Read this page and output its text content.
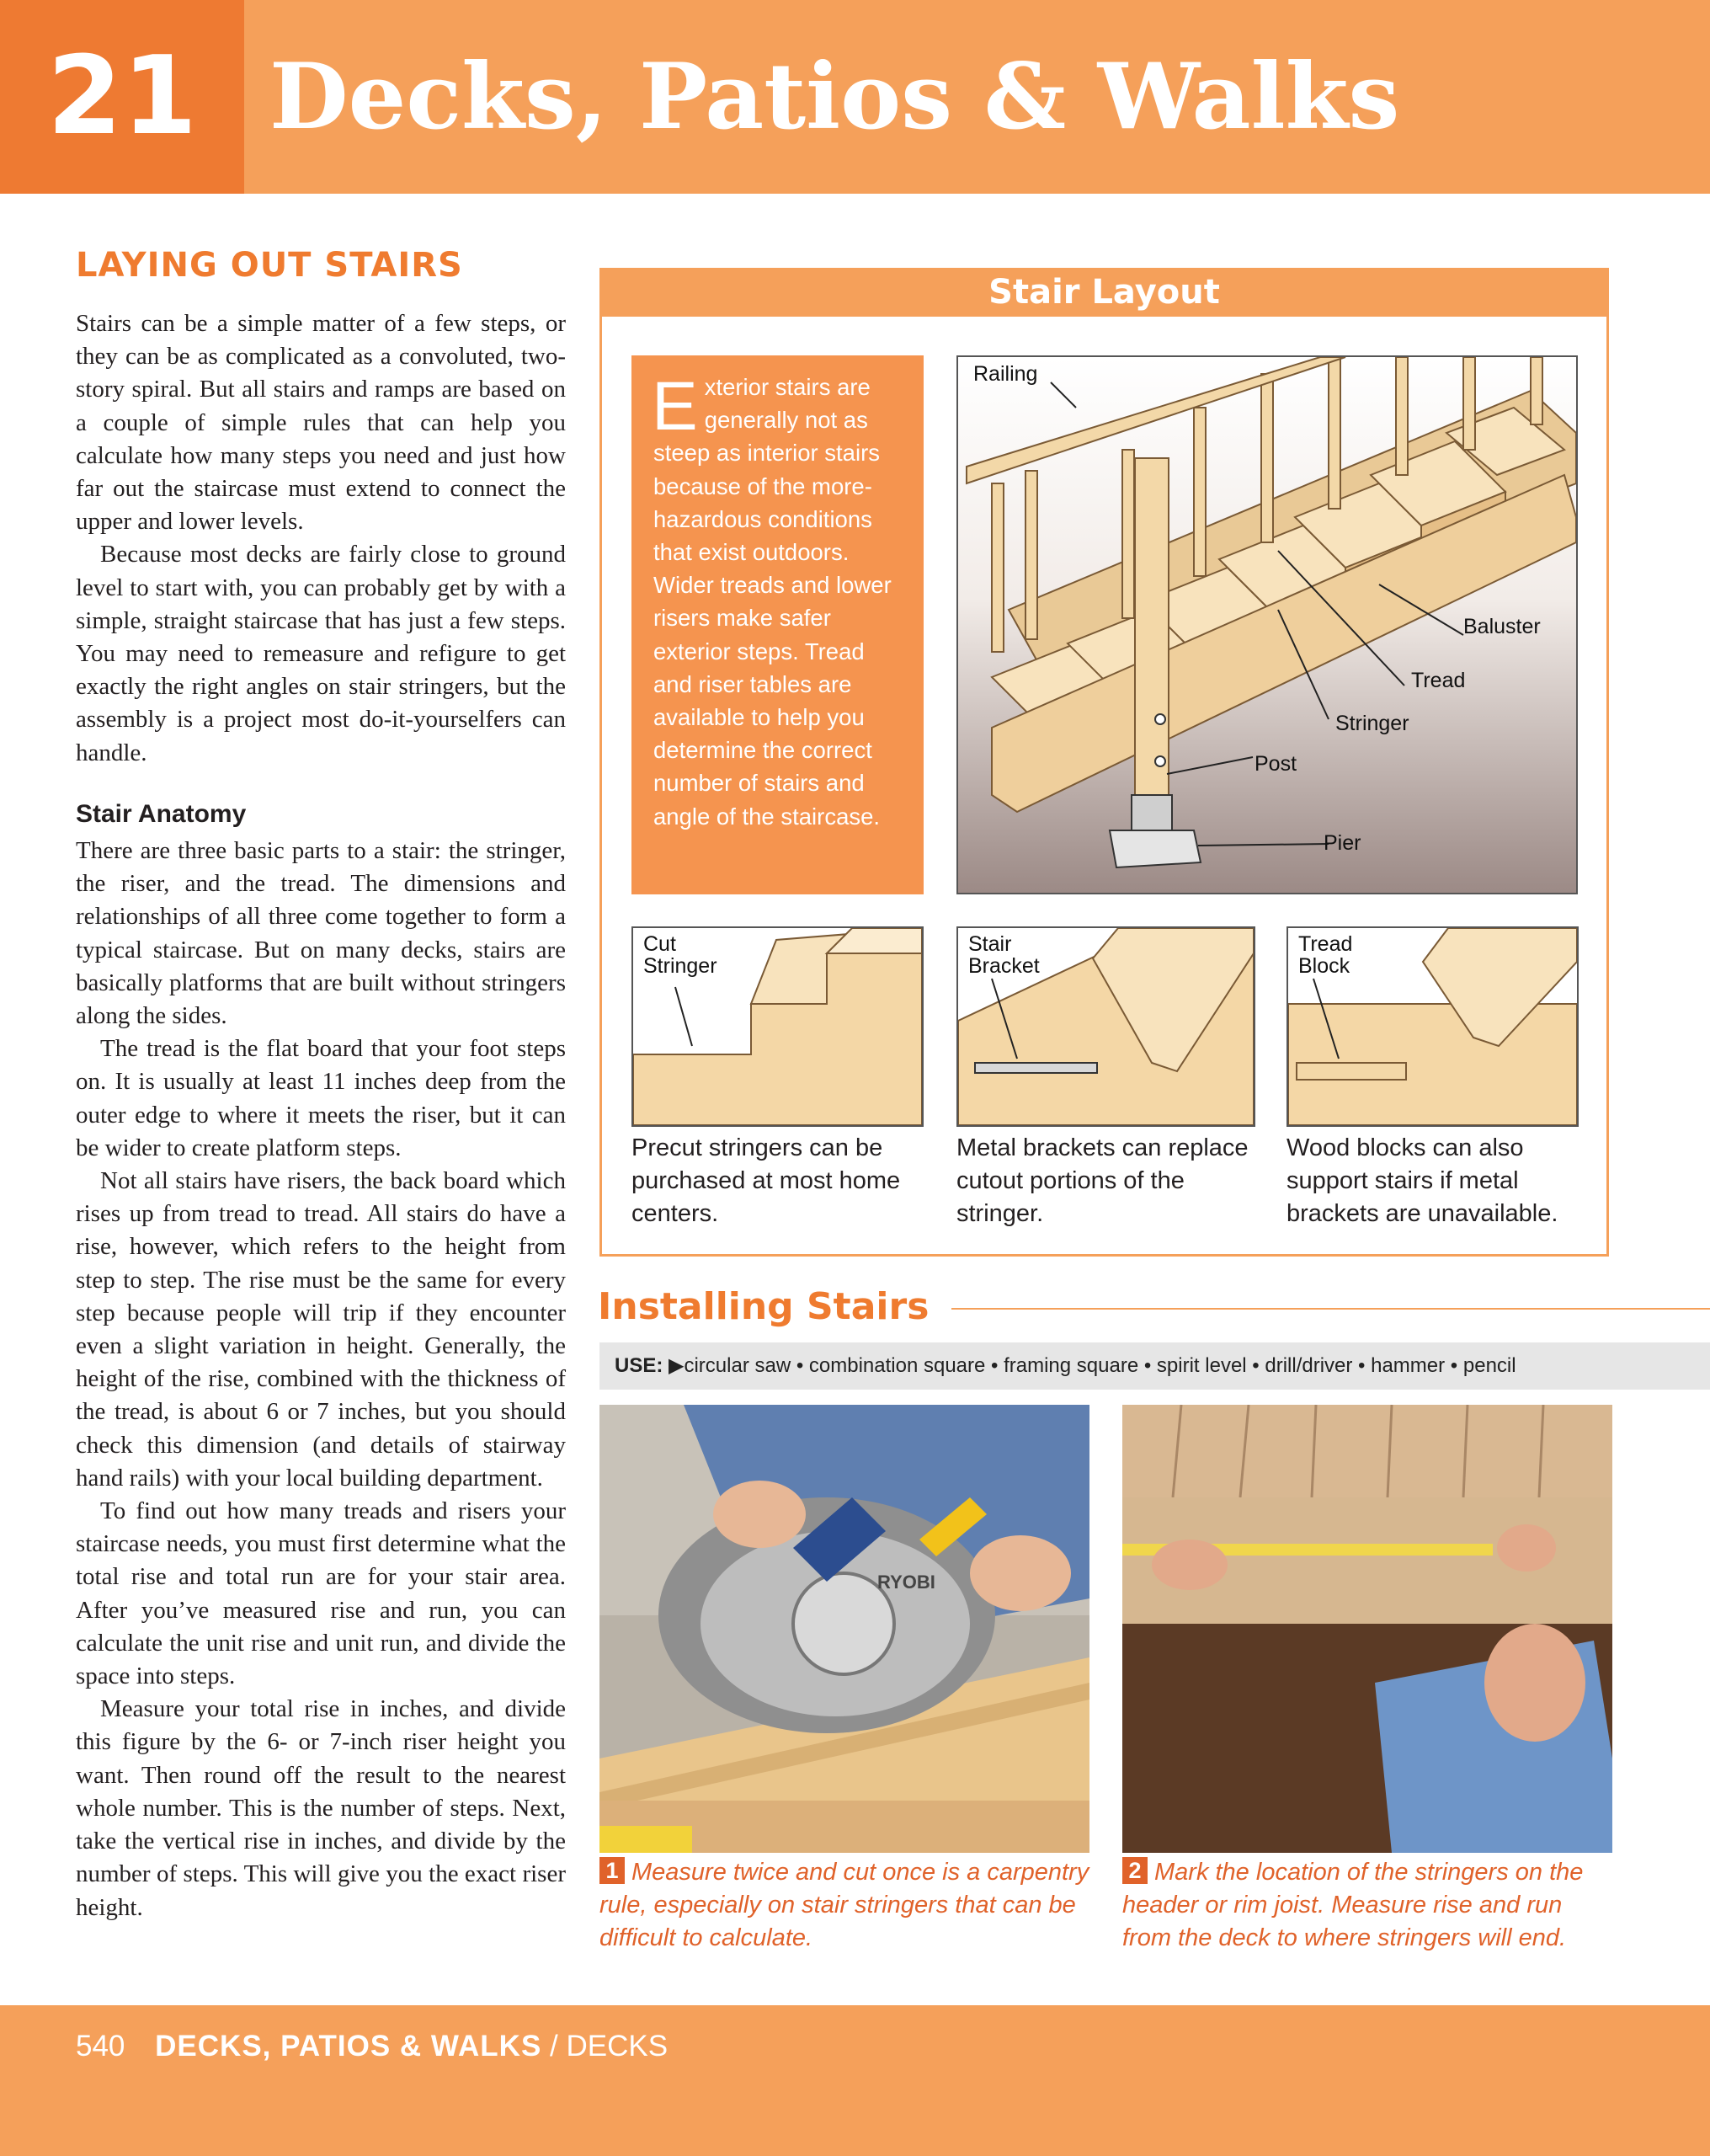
21 Decks, Patios & Walks
LAYING OUT STAIRS

Stairs can be a simple matter of a few steps, or they can be as complicated as a convoluted, two-story spiral. But all stairs and ramps are based on a couple of simple rules that can help you calculate how many steps you need and just how far out the staircase must extend to connect the upper and lower levels.

Because most decks are fairly close to ground level to start with, you can probably get by with a simple, straight staircase that has just a few steps. You may need to remeasure and refigure to get exactly the right angles on stair stringers, but the assembly is a project most do-it-yourselfers can handle.

Stair Anatomy

There are three basic parts to a stair: the stringer, the riser, and the tread. The dimensions and relationships of all three come together to form a typical staircase. But on many decks, stairs are basically platforms that are built without stringers along the sides.

The tread is the flat board that your foot steps on. It is usually at least 11 inches deep from the outer edge to where it meets the riser, but it can be wider to create platform steps.

Not all stairs have risers, the back board which rises up from tread to tread. All stairs do have a rise, however, which refers to the height from step to step. The rise must be the same for every step because people will trip if they encounter even a slight variation in height. Generally, the height of the rise, combined with the thickness of the tread, is about 6 or 7 inches, but you should check this dimension (and details of stairway hand rails) with your local building department.

To find out how many treads and risers your staircase needs, you must first determine what the total rise and total run are for your stair area. After you’ve measured rise and run, you can calculate the unit rise and unit run, and divide the space into steps.

Measure your total rise in inches, and divide this figure by the 6- or 7-inch riser height you want. Then round off the result to the nearest whole number. This is the number of steps. Next, take the vertical rise in inches, and divide by the number of steps. This will give you the exact riser height.

Stair Layout
Exterior stairs are generally not as steep as interior stairs because of the more-hazardous conditions that exist outdoors. Wider treads and lower risers make safer exterior steps. Tread and riser tables are available to help you determine the correct number of stairs and angle of the staircase.
Railing
Baluster
Tread
Stringer
Post
Pier
Cut Stringer
Stair Bracket
Tread Block
Precut stringers can be purchased at most home centers.
Metal brackets can replace cutout portions of the stringer.
Wood blocks can also support stairs if metal brackets are unavailable.
Installing Stairs
USE: ▶circular saw • combination square • framing square • spirit level • drill/driver • hammer • pencil
RYOBI
1 Measure twice and cut once is a carpentry rule, especially on stair stringers that can be difficult to calculate.
2 Mark the location of the stringers on the header or rim joist. Measure rise and run from the deck to where stringers will end.
540 DECKS, PATIOS & WALKS / DECKS
